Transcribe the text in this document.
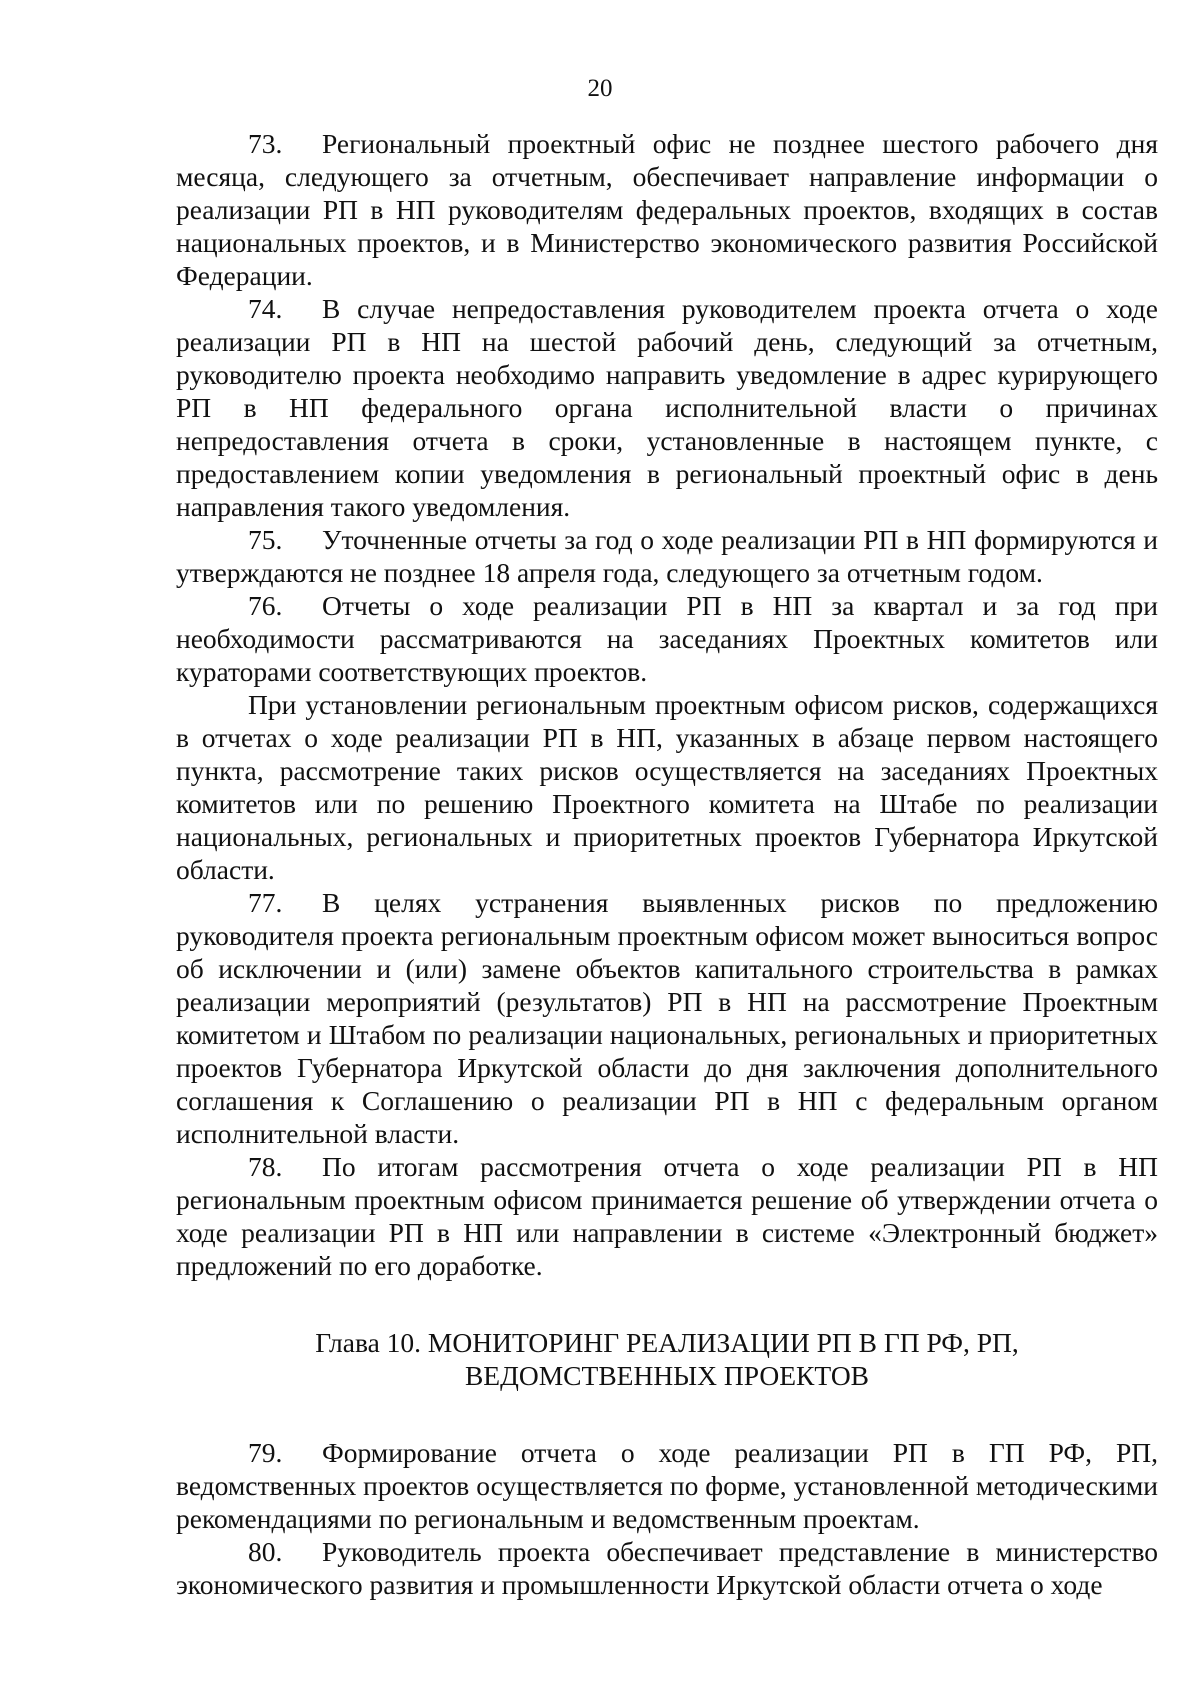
20

73. Региональный проектный офис не позднее шестого рабочего дня месяца, следующего за отчетным, обеспечивает направление информации о реализации РП в НП руководителям федеральных проектов, входящих в состав национальных проектов, и в Министерство экономического развития Российской Федерации.

74. В случае непредоставления руководителем проекта отчета о ходе реализации РП в НП на шестой рабочий день, следующий за отчетным, руководителю проекта необходимо направить уведомление в адрес курирующего РП в НП федерального органа исполнительной власти о причинах непредоставления отчета в сроки, установленные в настоящем пункте, с предоставлением копии уведомления в региональный проектный офис в день направления такого уведомления.

75. Уточненные отчеты за год о ходе реализации РП в НП формируются и утверждаются не позднее 18 апреля года, следующего за отчетным годом.

76. Отчеты о ходе реализации РП в НП за квартал и за год при необходимости рассматриваются на заседаниях Проектных комитетов или кураторами соответствующих проектов.

При установлении региональным проектным офисом рисков, содержащихся в отчетах о ходе реализации РП в НП, указанных в абзаце первом настоящего пункта, рассмотрение таких рисков осуществляется на заседаниях Проектных комитетов или по решению Проектного комитета на Штабе по реализации национальных, региональных и приоритетных проектов Губернатора Иркутской области.

77. В целях устранения выявленных рисков по предложению руководителя проекта региональным проектным офисом может выноситься вопрос об исключении и (или) замене объектов капитального строительства в рамках реализации мероприятий (результатов) РП в НП на рассмотрение Проектным комитетом и Штабом по реализации национальных, региональных и приоритетных проектов Губернатора Иркутской области до дня заключения дополнительного соглашения к Соглашению о реализации РП в НП с федеральным органом исполнительной власти.

78. По итогам рассмотрения отчета о ходе реализации РП в НП региональным проектным офисом принимается решение об утверждении отчета о ходе реализации РП в НП или направлении в системе «Электронный бюджет» предложений по его доработке.

Глава 10. МОНИТОРИНГ РЕАЛИЗАЦИИ РП В ГП РФ, РП,
ВЕДОМСТВЕННЫХ ПРОЕКТОВ

79. Формирование отчета о ходе реализации РП в ГП РФ, РП, ведомственных проектов осуществляется по форме, установленной методическими рекомендациями по региональным и ведомственным проектам.

80. Руководитель проекта обеспечивает представление в министерство экономического развития и промышленности Иркутской области отчета о ходе
